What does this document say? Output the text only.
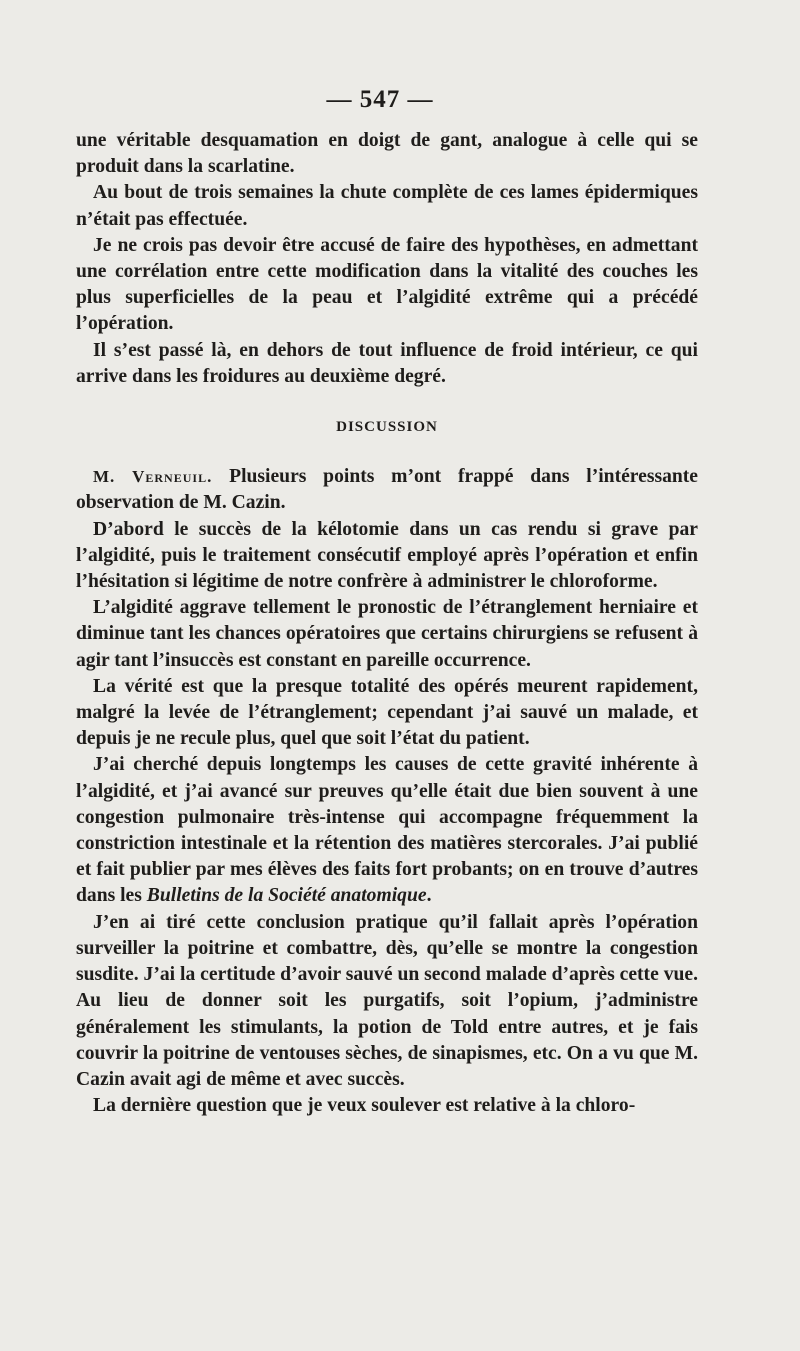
— 547 —

une véritable desquamation en doigt de gant, analogue à celle qui se produit dans la scarlatine.

Au bout de trois semaines la chute complète de ces lames épidermiques n’était pas effectuée.

Je ne crois pas devoir être accusé de faire des hypothèses, en admettant une corrélation entre cette modification dans la vitalité des couches les plus superficielles de la peau et l’algidité extrême qui a précédé l’opération.

Il s’est passé là, en dehors de tout influence de froid intérieur, ce qui arrive dans les froidures au deuxième degré.

DISCUSSION

M. Verneuil. Plusieurs points m’ont frappé dans l’intéressante observation de M. Cazin.

D’abord le succès de la kélotomie dans un cas rendu si grave par l’algidité, puis le traitement consécutif employé après l’opération et enfin l’hésitation si légitime de notre confrère à administrer le chloroforme.

L’algidité aggrave tellement le pronostic de l’étranglement herniaire et diminue tant les chances opératoires que certains chirurgiens se refusent à agir tant l’insuccès est constant en pareille occurrence.

La vérité est que la presque totalité des opérés meurent rapidement, malgré la levée de l’étranglement; cependant j’ai sauvé un malade, et depuis je ne recule plus, quel que soit l’état du patient.

J’ai cherché depuis longtemps les causes de cette gravité inhérente à l’algidité, et j’ai avancé sur preuves qu’elle était due bien souvent à une congestion pulmonaire très-intense qui accompagne fréquemment la constriction intestinale et la rétention des matières stercorales. J’ai publié et fait publier par mes élèves des faits fort probants; on en trouve d’autres dans les Bulletins de la Société anatomique.

J’en ai tiré cette conclusion pratique qu’il fallait après l’opération surveiller la poitrine et combattre, dès, qu’elle se montre la congestion susdite. J’ai la certitude d’avoir sauvé un second malade d’après cette vue. Au lieu de donner soit les purgatifs, soit l’opium, j’administre généralement les stimulants, la potion de Told entre autres, et je fais couvrir la poitrine de ventouses sèches, de sinapismes, etc. On a vu que M. Cazin avait agi de même et avec succès.

La dernière question que je veux soulever est relative à la chloro-
